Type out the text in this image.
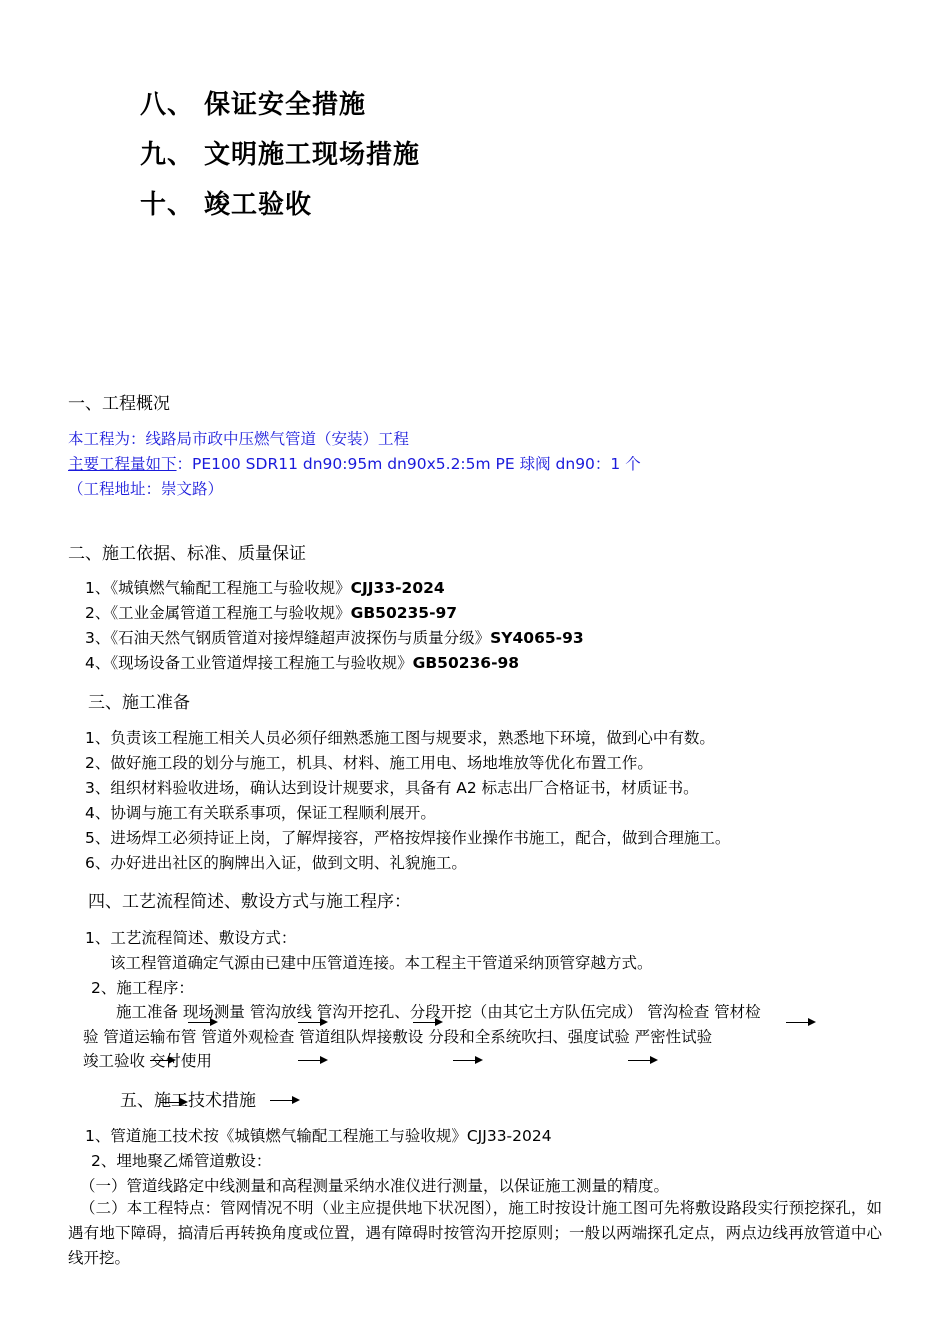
八、 保证安全措施
九、 文明施工现场措施
十、 竣工验收
一、工程概况
本工程为：线路局市政中压燃气管道（安装）工程
主要工程量如下：PE100 SDR11 dn90:95m dn90x5.2:5m PE 球阀 dn90：1 个
（工程地址：崇文路）
二、施工依据、标准、质量保证
1、《城镇燃气输配工程施工与验收规》CJJ33-2024
2、《工业金属管道工程施工与验收规》GB50235-97
3、《石油天然气钢质管道对接焊缝超声波探伤与质量分级》SY4065-93
4、《现场设备工业管道焊接工程施工与验收规》GB50236-98
三、施工准备
1、负责该工程施工相关人员必须仔细熟悉施工图与规要求，熟悉地下环境，做到心中有数。
2、做好施工段的划分与施工，机具、材料、施工用电、场地堆放等优化布置工作。
3、组织材料验收进场，确认达到设计规要求，具备有 A2 标志出厂合格证书，材质证书。
4、协调与施工有关联系事项，保证工程顺利展开。
5、进场焊工必须持证上岗，了解焊接容，严格按焊接作业操作书施工，配合，做到合理施工。
6、办好进出社区的胸牌出入证，做到文明、礼貌施工。
四、工艺流程简述、敷设方式与施工程序：
1、工艺流程简述、敷设方式：
该工程管道确定气源由已建中压管道连接。本工程主干管道采纳顶管穿越方式。
2、施工程序：
施工准备 现场测量 管沟放线 管沟开挖孔、分段开挖（由其它土方队伍完成） 管沟检查 管材检
验 管道运输布管 管道外观检查 管道组队焊接敷设 分段和全系统吹扫、强度试验 严密性试验
竣工验收 交付使用
五、施工技术措施
1、管道施工技术按《城镇燃气输配工程施工与验收规》CJJ33-2024
2、埋地聚乙烯管道敷设：
（一）管道线路定中线测量和高程测量采纳水准仪进行测量，以保证施工测量的精度。
（二）本工程特点：管网情况不明（业主应提供地下状况图），施工时按设计施工图可先将敷设路段实行预挖探孔，如遇有地下障碍，搞清后再转换角度或位置，遇有障碍时按管沟开挖原则；一般以两端探孔定点，两点边线再放管道中心线开挖。
